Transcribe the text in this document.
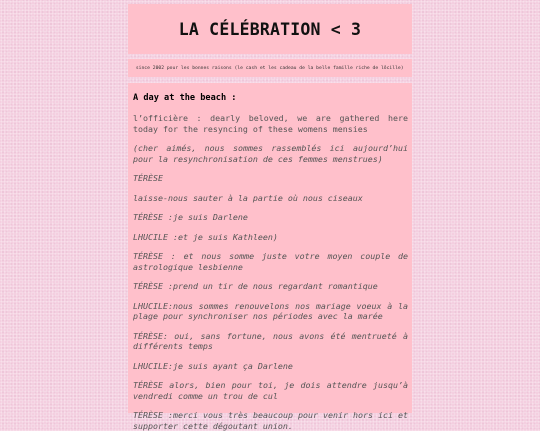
LA CÉLÉBRATION < 3
since 2002 pour les bonnes raisons (le cash et les cadeau de la belle famille riche de lôcille)
A day at the beach :

l’officière : dearly beloved, we are gathered here today for the resyncing of these womens mensies

(cher aimés, nous sommes rassemblés ici aujourd’hui pour la resynchronisation de ces femmes menstrues)

TÉRÈSE

laisse-nous sauter à la partie où nous ciseaux

TÉRÈSE :je suis Darlene

LHUCILE :et je suis Kathleen)

TÉRÈSE : et nous somme juste votre moyen couple de astrologique lesbienne

TÉRÈSE :prend un tir de nous regardant romantique

LHUCILE:nous sommes renouvelons nos mariage voeux à la plage pour synchroniser nos périodes avec la marée

TÉRÈSE: oui, sans fortune, nous avons été mentrueté à différents temps

LHUCILE:je suis ayant ça Darlene

TÉRÈSE alors, bien pour toi, je dois attendre jusqu’à vendredi comme un trou de cul

TÉRÈSE :merci vous très beaucoup pour venir hors ici et supporter cette dégoutant union.
